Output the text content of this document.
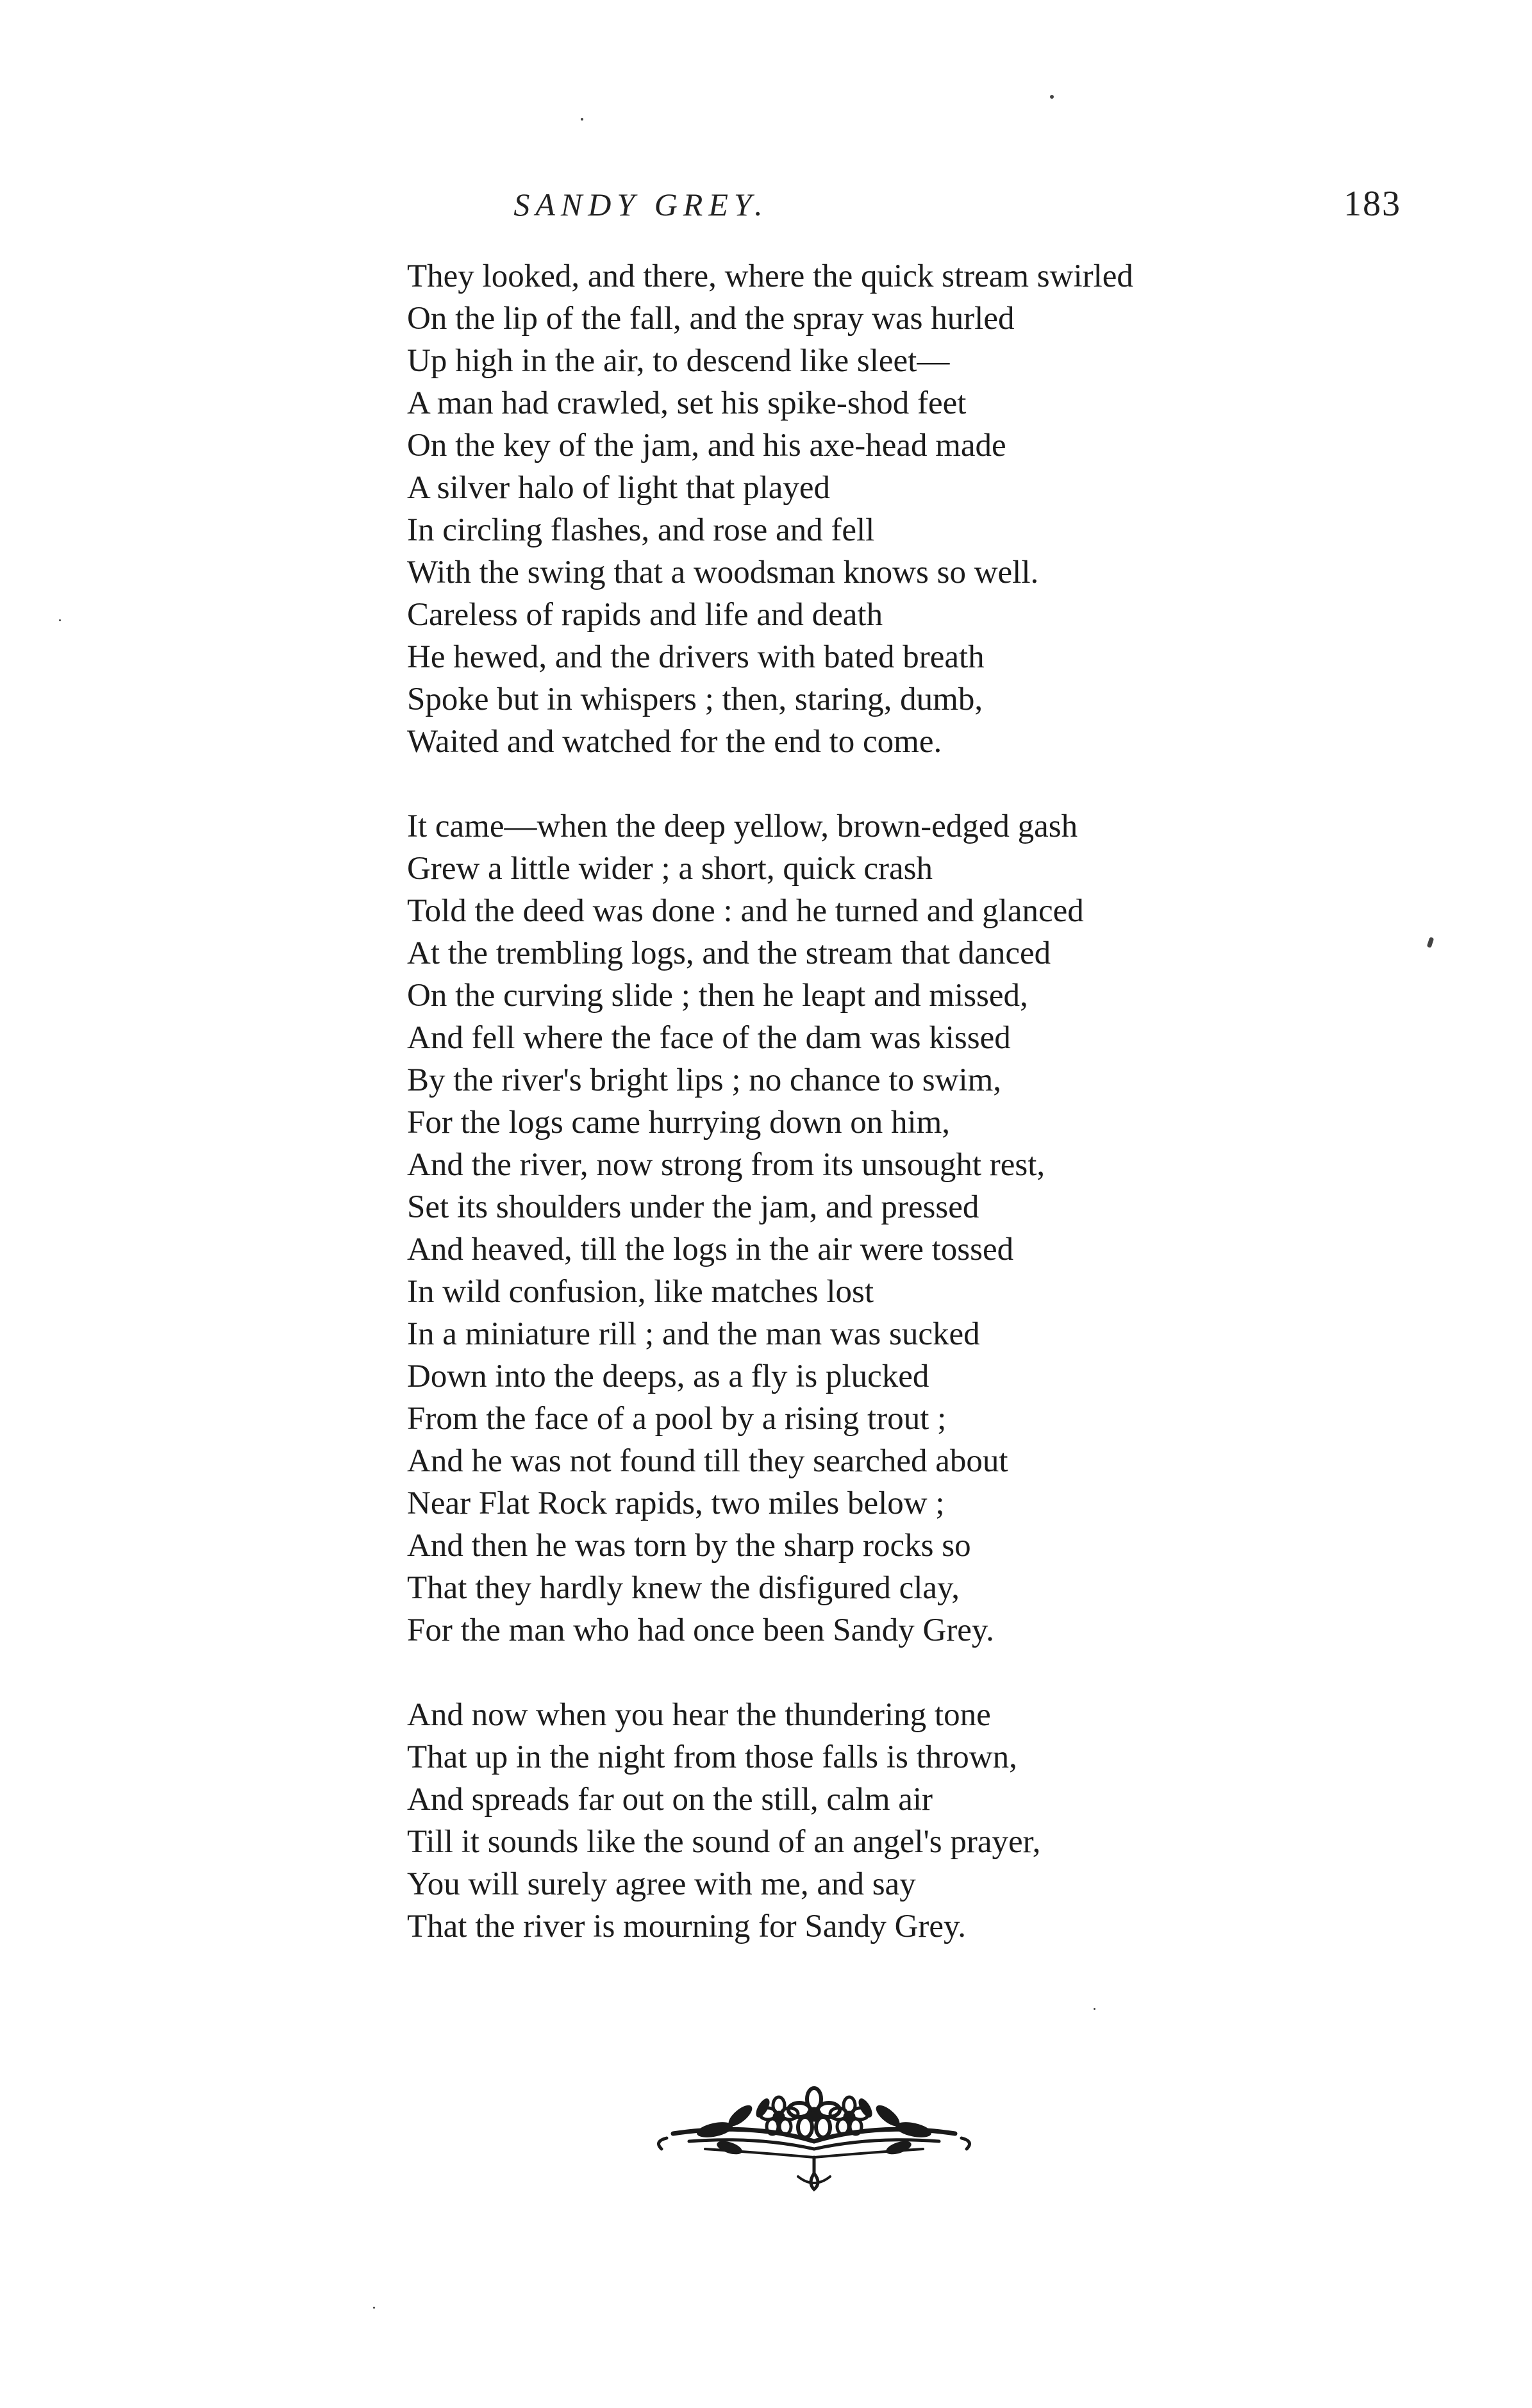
SANDY GREY.	183
They looked, and there, where the quick stream swirled
On the lip of the fall, and the spray was hurled
Up high in the air, to descend like sleet—
A man had crawled, set his spike-shod feet
On the key of the jam, and his axe-head made
A silver halo of light that played
In circling flashes, and rose and fell
With the swing that a woodsman knows so well.
Careless of rapids and life and death
He hewed, and the drivers with bated breath
Spoke but in whispers ; then, staring, dumb,
Waited and watched for the end to come.
It came—when the deep yellow, brown-edged gash
Grew a little wider ; a short, quick crash
Told the deed was done : and he turned and glanced
At the trembling logs, and the stream that danced
On the curving slide ; then he leapt and missed,
And fell where the face of the dam was kissed
By the river's bright lips ; no chance to swim,
For the logs came hurrying down on him,
And the river, now strong from its unsought rest,
Set its shoulders under the jam, and pressed
And heaved, till the logs in the air were tossed
In wild confusion, like matches lost
In a miniature rill ; and the man was sucked
Down into the deeps, as a fly is plucked
From the face of a pool by a rising trout ;
And he was not found till they searched about
Near Flat Rock rapids, two miles below ;
And then he was torn by the sharp rocks so
That they hardly knew the disfigured clay,
For the man who had once been Sandy Grey.
And now when you hear the thundering tone
That up in the night from those falls is thrown,
And spreads far out on the still, calm air
Till it sounds like the sound of an angel's prayer,
You will surely agree with me, and say
That the river is mourning for Sandy Grey.
